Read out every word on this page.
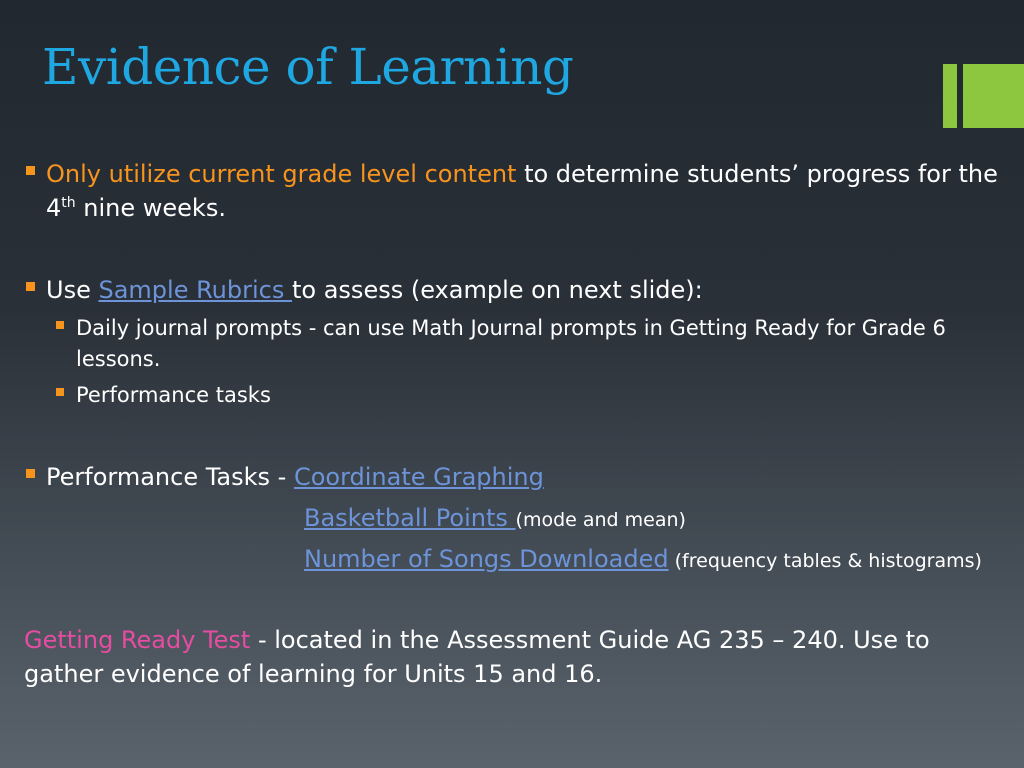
Evidence of Learning
Only utilize current grade level content to determine students’ progress for the
4th nine weeks.
Use Sample Rubrics to assess (example on next slide):
Daily journal prompts - can use Math Journal prompts in Getting Ready for Grade 6
lessons.
Performance tasks
Performance Tasks - Coordinate Graphing
Basketball Points (mode and mean)
Number of Songs Downloaded (frequency tables & histograms)
Getting Ready Test - located in the Assessment Guide AG 235 – 240. Use to
gather evidence of learning for Units 15 and 16.
